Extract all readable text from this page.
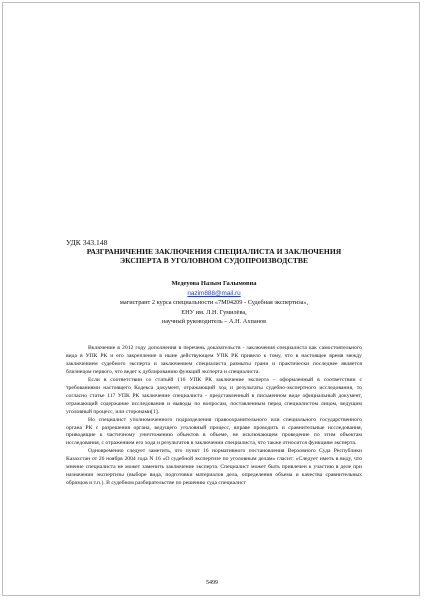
УДК 343.148
РАЗГРАНИЧЕНИЕ ЗАКЛЮЧЕНИЯ СПЕЦИАЛИСТА И ЗАКЛЮЧЕНИЯ
ЭКСПЕРТА В УГОЛОВНОМ СУДОПРОИЗВОДСТВЕ
Медеуова Назым Галымовна
nazim888@mail.ru
магистрант 2 курса специальности «7М04209 - Судебная экспертиза»,
ЕНУ им. Л.Н. Гумилёва,
научный руководитель – А.Н. Ахпанов

Включение в 2012 году дополнения в перечень доказательств - заключения специалиста как самостоятельного вида в УПК РК и его закрепление в ныне действующем УПК РК привело к тому, что в настоящее время между заключением судебного эксперта и заключением специалиста размыты грани и практически последнее является близнецом первого, что ведет к дублированию функций эксперта и специалиста.

Если в соответствии со статьёй 116 УПК РК заключение эксперта – оформленный в соответствии с требованиями настоящего Кодекса документ, отражающий ход и результаты судебно-экспертного исследования, то согласно статье 117 УПК РК заключение специалиста - представленный в письменном виде официальный документ, отражающий содержание исследования и выводы по вопросам, поставленным перед специалистом лицом, ведущим уголовный процесс, или сторонами[1].

Но специалист уполномоченного подразделения правоохранительного или специального государственного органа РК с разрешения органа, ведущего уголовный процесс, вправе проводить и сравнительные исследования, приводящие к частичному уничтожению объектов в объеме, не исключающем проведение по этим объектам исследования, с отражением его хода и результатов в заключении специалиста, что также относится функциям эксперта.

Одновременно следует заметить, что пункт 16 нормативного постановления Верховного Суда Республики Казахстан от 26 ноября 2004 года N 16 «О судебной экспертизе по уголовным делам» гласит: «Следует иметь в виду, что мнение специалиста не может заменить заключение эксперта. Специалист может быть привлечен к участию в деле при назначении экспертизы (выборе вида, подготовки материалов дела, определения объема и качества сравнительных образцов и т.п.). В судебном разбирательстве по решению суда специалист

5499
